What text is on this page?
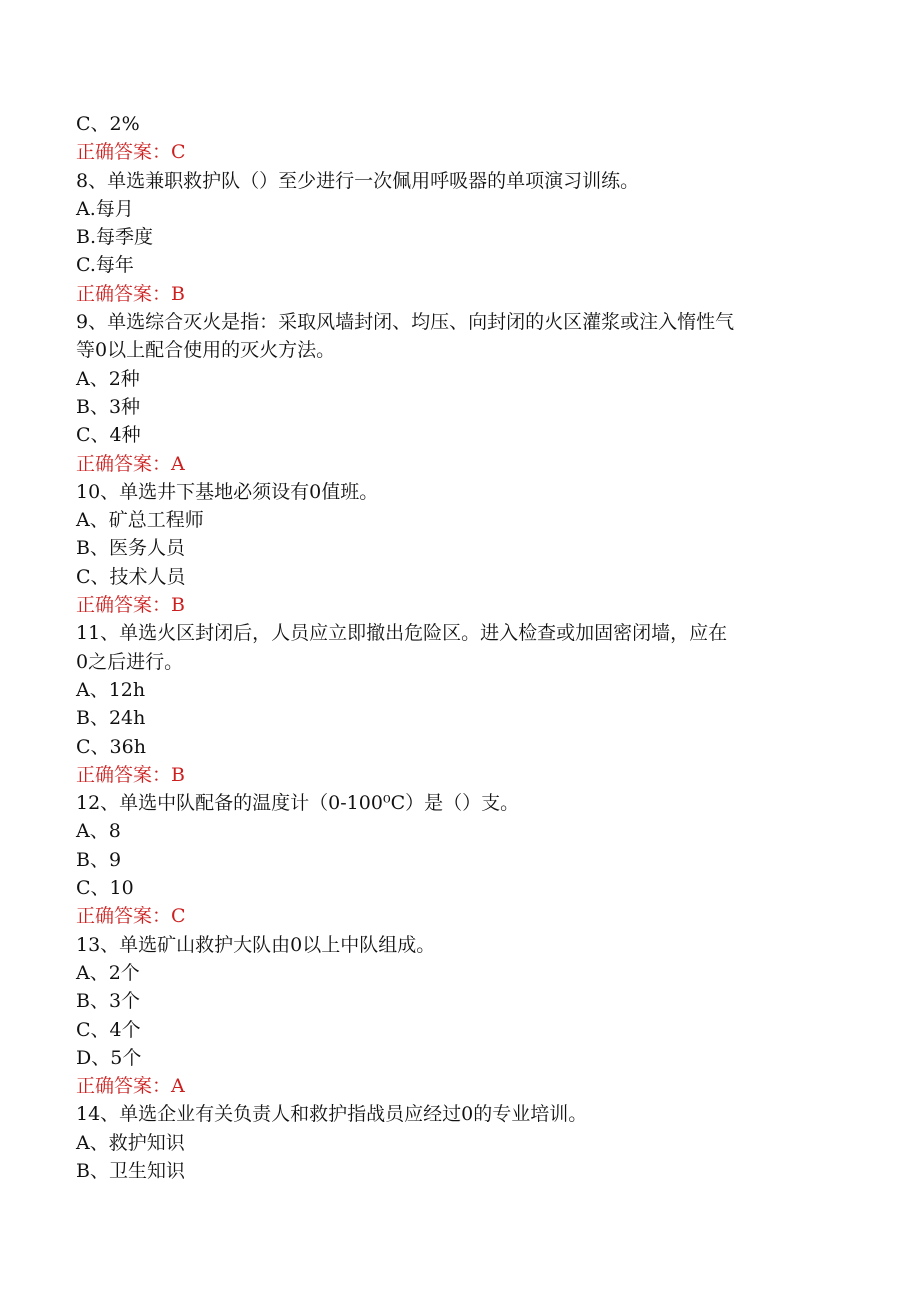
C、2%
正确答案：C
8、单选兼职救护队（）至少进行一次佩用呼吸器的单项演习训练。
A.每月
B.每季度
C.每年
正确答案：B
9、单选综合灭火是指：采取风墙封闭、均压、向封闭的火区灌浆或注入惰性气
等0以上配合使用的灭火方法。
A、2种
B、3种
C、4种
正确答案：A
10、单选井下基地必须设有0值班。
A、矿总工程师
B、医务人员
C、技术人员
正确答案：B
11、单选火区封闭后，人员应立即撤出危险区。进入检查或加固密闭墙，应在
0之后进行。
A、12h
B、24h
C、36h
正确答案：B
12、单选中队配备的温度计（0-100⁰C）是（）支。
A、8
B、9
C、10
正确答案：C
13、单选矿山救护大队由0以上中队组成。
A、2个
B、3个
C、4个
D、5个
正确答案：A
14、单选企业有关负责人和救护指战员应经过0的专业培训。
A、救护知识
B、卫生知识
